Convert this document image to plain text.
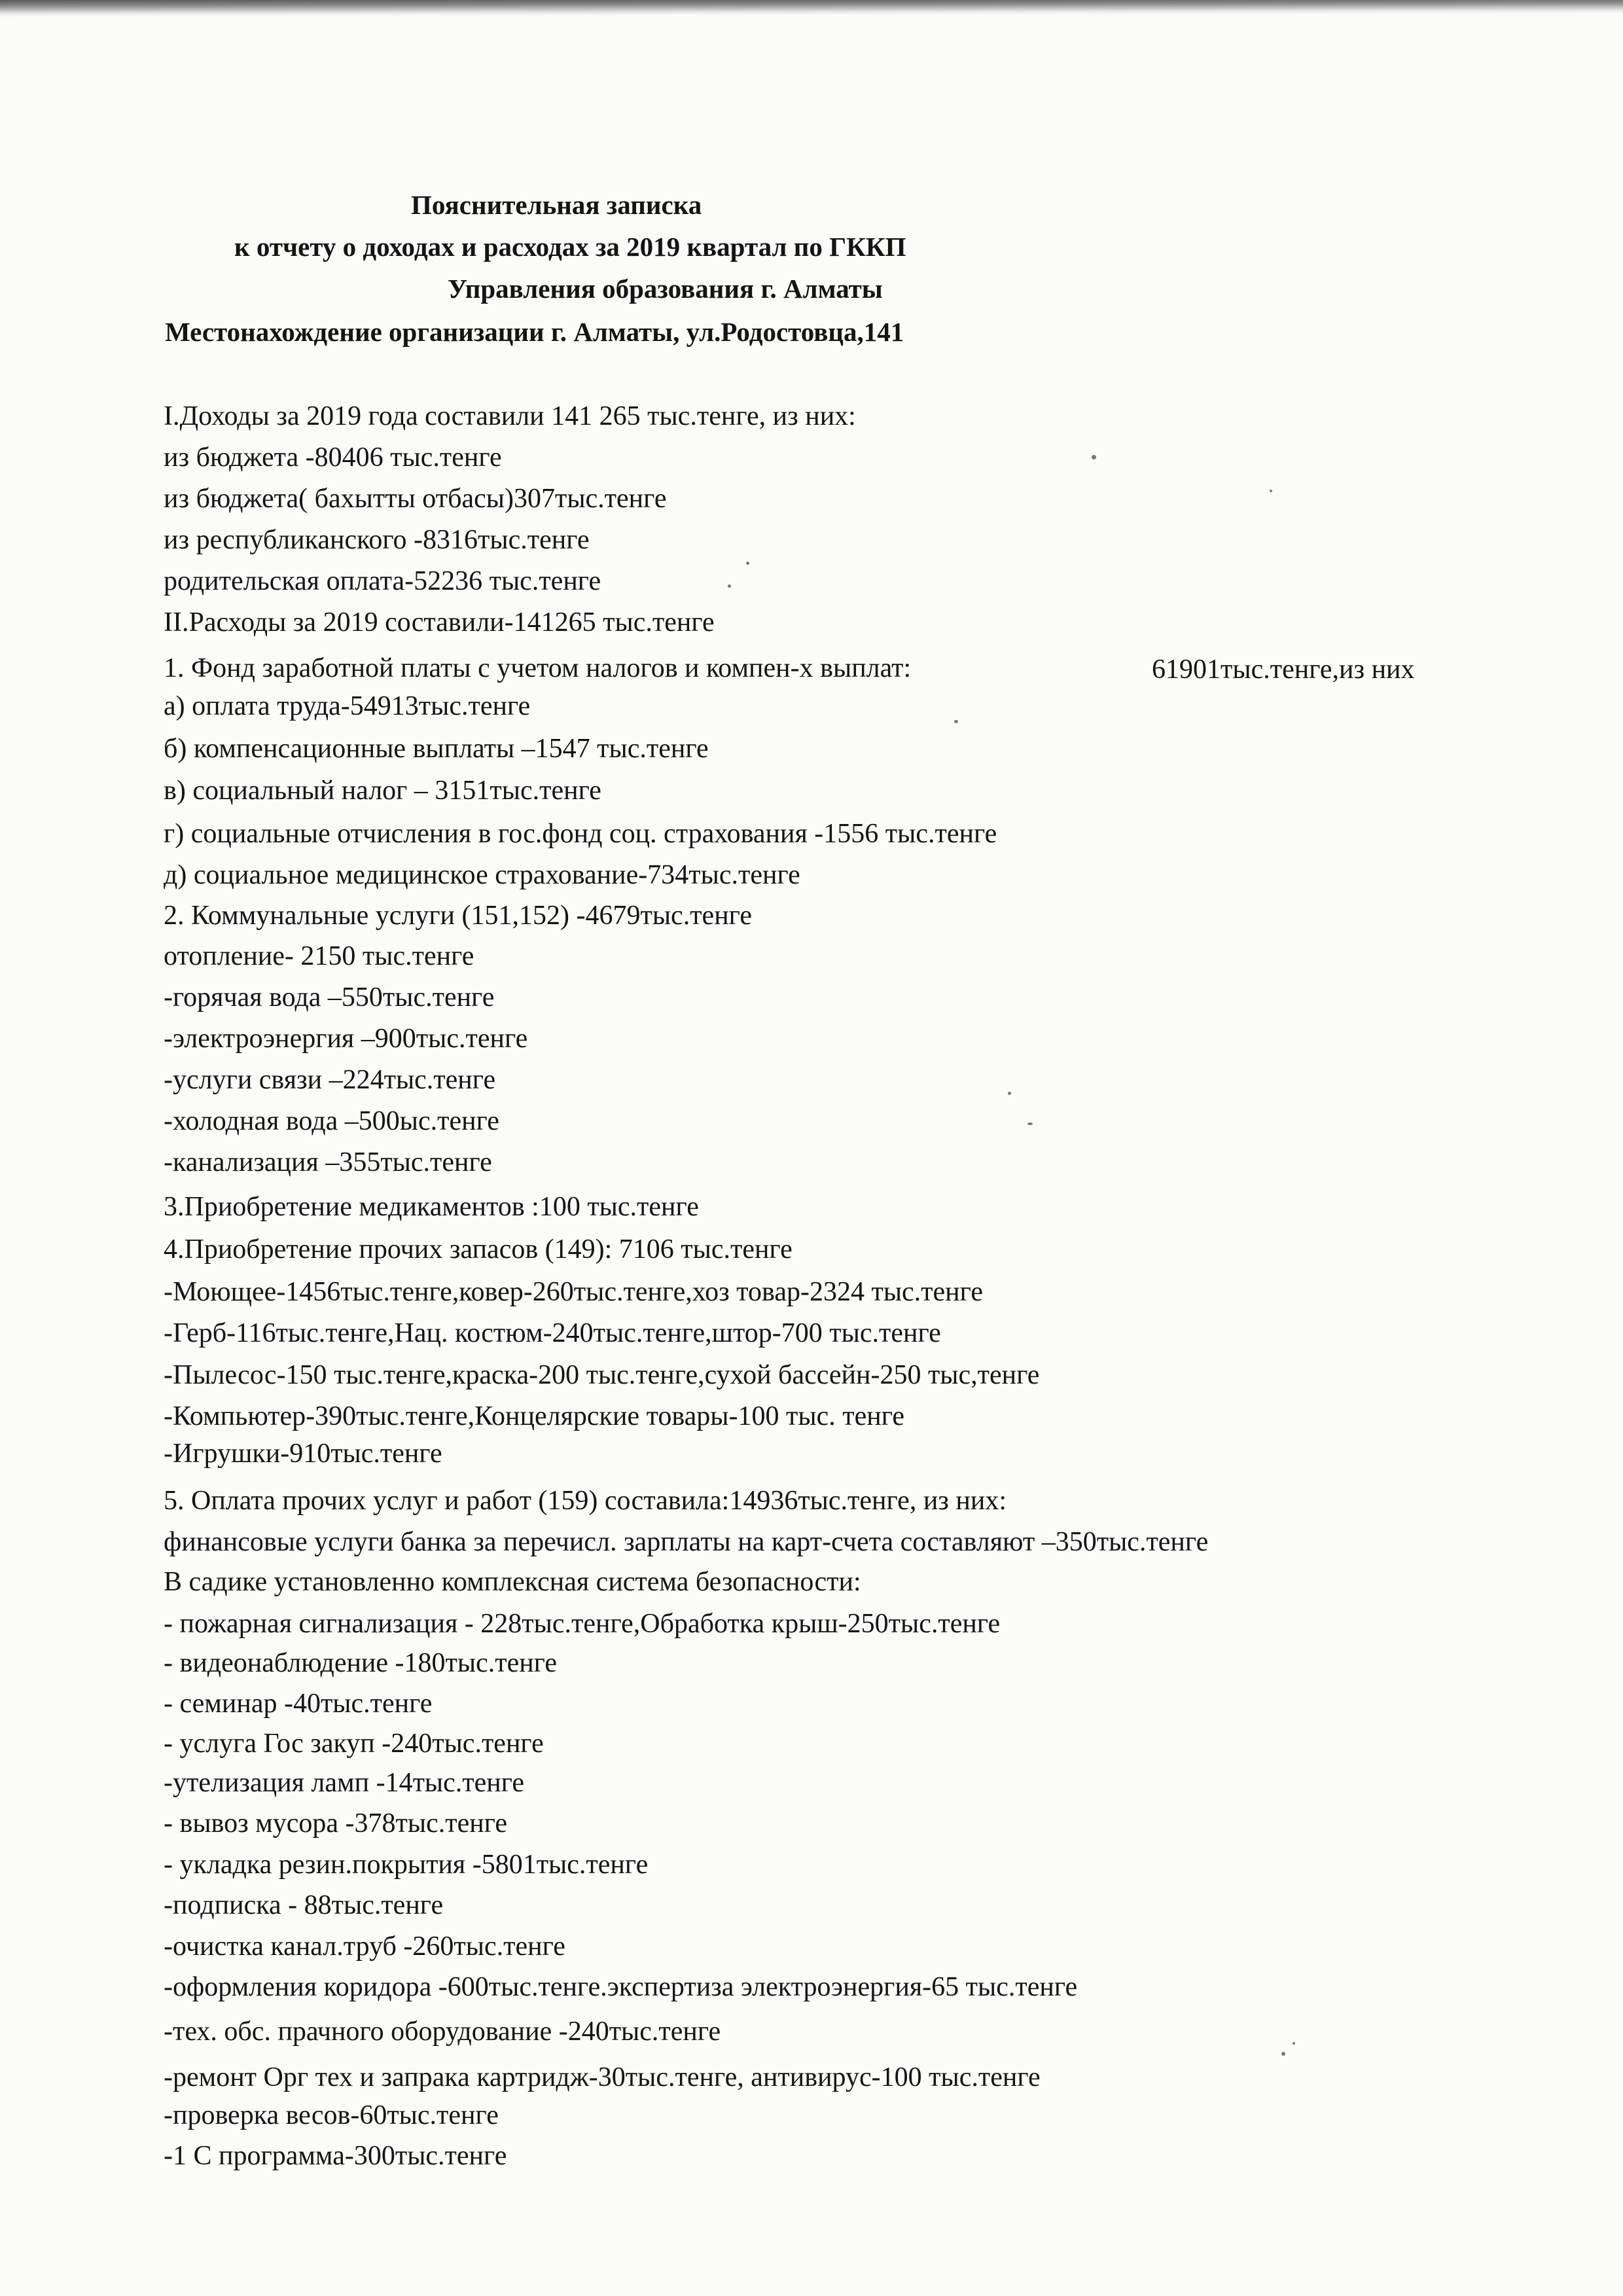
Пояснительная записка
к отчету о доходах и расходах за 2019 квартал по ГККП
Управления образования г. Алматы
Местонахождение организации г. Алматы, ул.Родостовца,141
I.Доходы за 2019 года составили 141 265 тыс.тенге, из них:
из бюджета -80406 тыс.тенге
из бюджета( бахытты отбасы)307тыс.тенге
из республиканского -8316тыс.тенге
родительская оплата-52236 тыс.тенге
II.Расходы за 2019 составили-141265 тыс.тенге
1. Фонд заработной платы с учетом налогов и компен-х выплат:	61901тыс.тенге,из них
а) оплата труда-54913тыс.тенге
б) компенсационные выплаты –1547 тыс.тенге
в) социальный налог – 3151тыс.тенге
г) социальные отчисления в гос.фонд соц. страхования -1556 тыс.тенге
д) социальное медицинское страхование-734тыс.тенге
2. Коммунальные услуги (151,152) -4679тыс.тенге
отопление- 2150 тыс.тенге
-горячая вода –550тыс.тенге
-электроэнергия –900тыс.тенге
-услуги связи –224тыс.тенге
-холодная вода –500ыс.тенге
-канализация –355тыс.тенге
3.Приобретение медикаментов :100 тыс.тенге
4.Приобретение прочих запасов (149): 7106 тыс.тенге
-Моющее-1456тыс.тенге,ковер-260тыс.тенге,хоз товар-2324 тыс.тенге
-Герб-116тыс.тенге,Нац. костюм-240тыс.тенге,штор-700 тыс.тенге
-Пылесос-150 тыс.тенге,краска-200 тыс.тенге,сухой бассейн-250 тыс,тенге
-Компьютер-390тыс.тенге,Концелярские товары-100 тыс. тенге
-Игрушки-910тыс.тенге
5. Оплата прочих услуг и работ (159) составила:14936тыс.тенге, из них:
финансовые услуги банка за перечисл. зарплаты на карт-счета составляют –350тыс.тенге
В садике установленно комплексная система безопасности:
- пожарная сигнализация - 228тыс.тенге,Обработка крыш-250тыс.тенге
- видеонаблюдение -180тыс.тенге
- семинар -40тыс.тенге
- услуга Гос закуп -240тыс.тенге
-утелизация ламп -14тыс.тенге
- вывоз мусора -378тыс.тенге
- укладка резин.покрытия -5801тыс.тенге
-подписка - 88тыс.тенге
-очистка канал.труб -260тыс.тенге
-оформления коридора -600тыс.тенге.экспертиза электроэнергия-65 тыс.тенге
-тех. обс. прачного оборудование -240тыс.тенге
-ремонт Орг тех и запрака картридж-30тыс.тенге, антивирус-100 тыс.тенге
-проверка весов-60тыс.тенге
-1 С программа-300тыс.тенге
